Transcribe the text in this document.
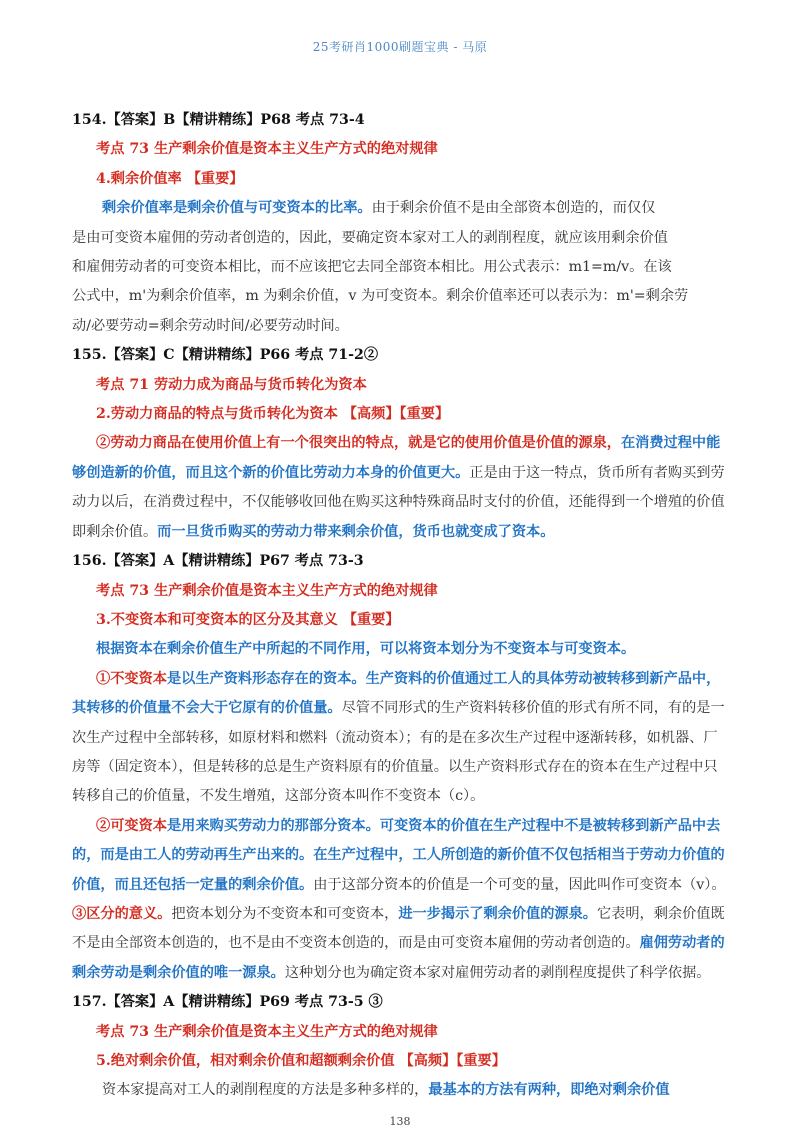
25考研肖1000刷题宝典 - 马原
154.【答案】B【精讲精练】P68 考点 73-4
考点 73 生产剩余价值是资本主义生产方式的绝对规律
4.剩余价值率 【重要】
剩余价值率是剩余价值与可变资本的比率。由于剩余价值不是由全部资本创造的，而仅仅
是由可变资本雇佣的劳动者创造的，因此，要确定资本家对工人的剥削程度，就应该用剩余价值
和雇佣劳动者的可变资本相比，而不应该把它去同全部资本相比。用公式表示：m1=m/v。在该
公式中，m'为剩余价值率，m 为剩余价值，v 为可变资本。剩余价值率还可以表示为：m'=剩余劳
动/必要劳动=剩余劳动时间/必要劳动时间。
155.【答案】C【精讲精练】P66 考点 71-2②
考点 71 劳动力成为商品与货币转化为资本
2.劳动力商品的特点与货币转化为资本 【高频】【重要】
②劳动力商品在使用价值上有一个很突出的特点，就是它的使用价值是价值的源泉，在消费过程中能
够创造新的价值，而且这个新的价值比劳动力本身的价值更大。正是由于这一特点，货币所有者购买到劳
动力以后，在消费过程中，不仅能够收回他在购买这种特殊商品时支付的价值，还能得到一个增殖的价值
即剩余价值。而一旦货币购买的劳动力带来剩余价值，货币也就变成了资本。
156.【答案】A【精讲精练】P67 考点 73-3
考点 73 生产剩余价值是资本主义生产方式的绝对规律
3.不变资本和可变资本的区分及其意义 【重要】
根据资本在剩余价值生产中所起的不同作用，可以将资本划分为不变资本与可变资本。
①不变资本是以生产资料形态存在的资本。生产资料的价值通过工人的具体劳动被转移到新产品中，
其转移的价值量不会大于它原有的价值量。尽管不同形式的生产资料转移价值的形式有所不同，有的是一
次生产过程中全部转移，如原材料和燃料（流动资本）；有的是在多次生产过程中逐渐转移，如机器、厂
房等（固定资本），但是转移的总是生产资料原有的价值量。以生产资料形式存在的资本在生产过程中只
转移自己的价值量，不发生增殖，这部分资本叫作不变资本（c）。
②可变资本是用来购买劳动力的那部分资本。可变资本的价值在生产过程中不是被转移到新产品中去
的，而是由工人的劳动再生产出来的。在生产过程中，工人所创造的新价值不仅包括相当于劳动力价值的
价值，而且还包括一定量的剩余价值。由于这部分资本的价值是一个可变的量，因此叫作可变资本（v）。
③区分的意义。把资本划分为不变资本和可变资本，进一步揭示了剩余价值的源泉。它表明，剩余价值既
不是由全部资本创造的，也不是由不变资本创造的，而是由可变资本雇佣的劳动者创造的。雇佣劳动者的
剩余劳动是剩余价值的唯一源泉。这种划分也为确定资本家对雇佣劳动者的剥削程度提供了科学依据。
157.【答案】A【精讲精练】P69 考点 73-5 ③
考点 73 生产剩余价值是资本主义生产方式的绝对规律
5.绝对剩余价值，相对剩余价值和超额剩余价值 【高频】【重要】
资本家提高对工人的剥削程度的方法是多种多样的，最基本的方法有两种，即绝对剩余价值
138
